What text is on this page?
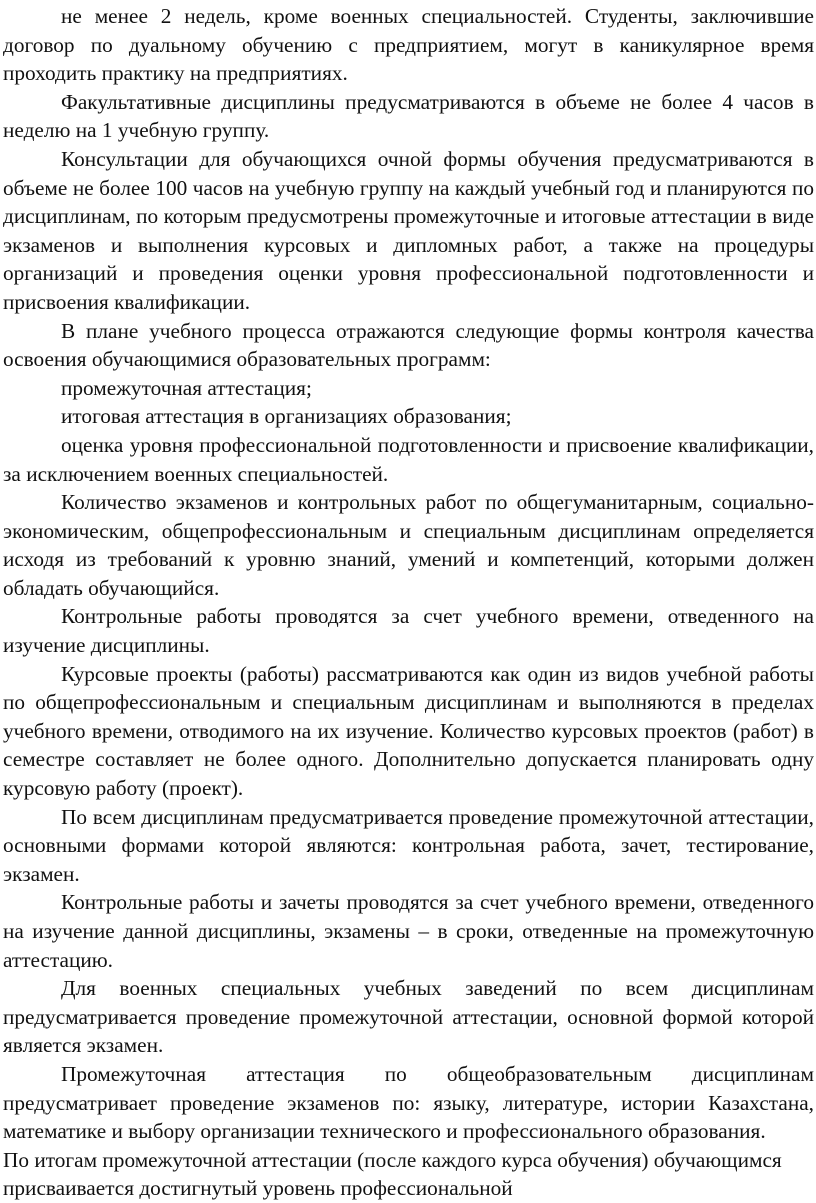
не менее 2 недель, кроме военных специальностей. Студенты, заключившие договор по дуальному обучению с предприятием, могут в каникулярное время проходить практику на предприятиях.

Факультативные дисциплины предусматриваются в объеме не более 4 часов в неделю на 1 учебную группу.

Консультации для обучающихся очной формы обучения предусматриваются в объеме не более 100 часов на учебную группу на каждый учебный год и планируются по дисциплинам, по которым предусмотрены промежуточные и итоговые аттестации в виде экзаменов и выполнения курсовых и дипломных работ, а также на процедуры организаций и проведения оценки уровня профессиональной подготовленности и присвоения квалификации.

В плане учебного процесса отражаются следующие формы контроля качества освоения обучающимися образовательных программ:

промежуточная аттестация;

итоговая аттестация в организациях образования;

оценка уровня профессиональной подготовленности и присвоение квалификации, за исключением военных специальностей.

Количество экзаменов и контрольных работ по общегуманитарным, социально-экономическим, общепрофессиональным и специальным дисциплинам определяется исходя из требований к уровню знаний, умений и компетенций, которыми должен обладать обучающийся.

Контрольные работы проводятся за счет учебного времени, отведенного на изучение дисциплины.

Курсовые проекты (работы) рассматриваются как один из видов учебной работы по общепрофессиональным и специальным дисциплинам и выполняются в пределах учебного времени, отводимого на их изучение. Количество курсовых проектов (работ) в семестре составляет не более одного. Дополнительно допускается планировать одну курсовую работу (проект).

По всем дисциплинам предусматривается проведение промежуточной аттестации, основными формами которой являются: контрольная работа, зачет, тестирование, экзамен.

Контрольные работы и зачеты проводятся за счет учебного времени, отведенного на изучение данной дисциплины, экзамены – в сроки, отведенные на промежуточную аттестацию.

Для военных специальных учебных заведений по всем дисциплинам предусматривается проведение промежуточной аттестации, основной формой которой является экзамен.

Промежуточная аттестация по общеобразовательным дисциплинам предусматривает проведение экзаменов по: языку, литературе, истории Казахстана, математике и выбору организации технического и профессионального образования.

По итогам промежуточной аттестации (после каждого курса обучения) обучающимся присваивается достигнутый уровень профессиональной
